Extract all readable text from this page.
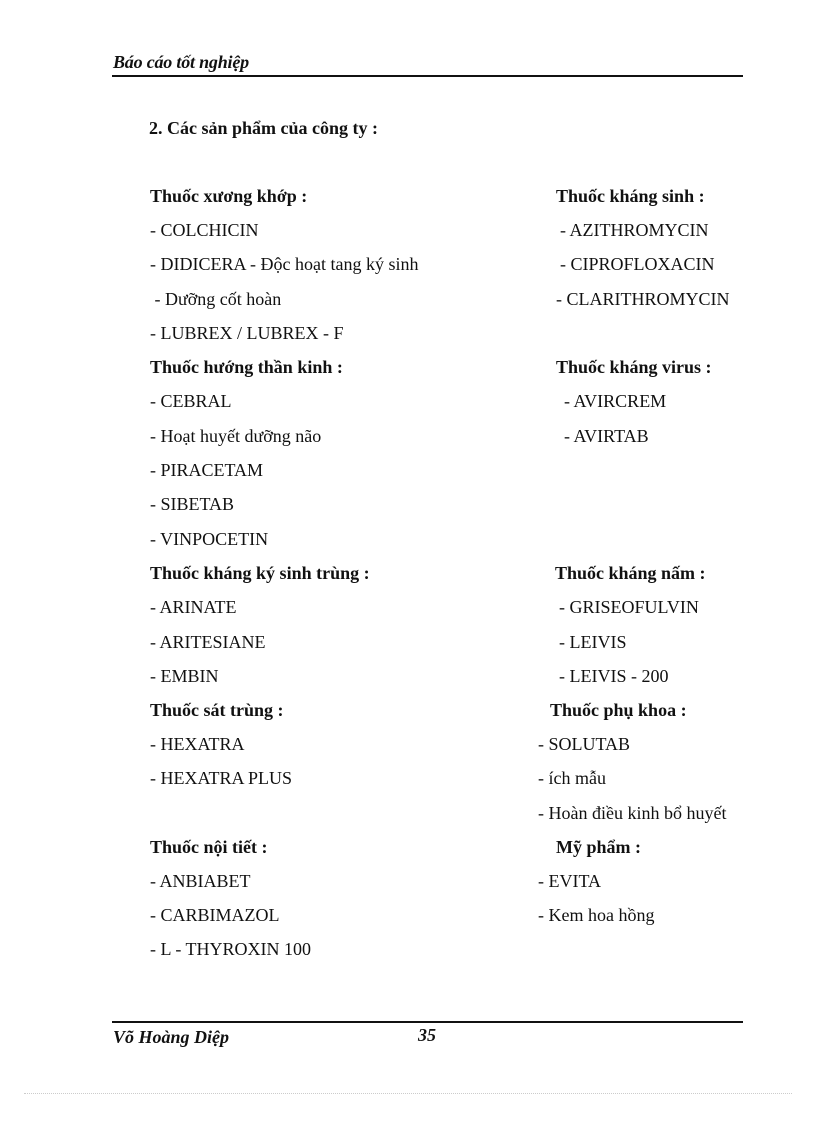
Báo cáo tốt nghiệp
2. Các sản phẩm của công ty :
Thuốc xương khớp :
- COLCHICIN
- DIDICERA - Độc hoạt tang ký sinh
- Dưỡng cốt hoàn
- LUBREX / LUBREX - F
Thuốc hướng thần kinh :
- CEBRAL
- Hoạt huyết dưỡng não
- PIRACETAM
- SIBETAB
- VINPOCETIN
Thuốc kháng ký sinh trùng :
- ARINATE
- ARITESIANE
- EMBIN
Thuốc sát trùng :
- HEXATRA
- HEXATRA PLUS
Thuốc nội tiết :
- ANBIABET
- CARBIMAZOL
- L - THYROXIN 100
Thuốc kháng sinh :
- AZITHROMYCIN
- CIPROFLOXACIN
- CLARITHROMYCIN
Thuốc kháng virus :
- AVIRCREM
- AVIRTAB
Thuốc kháng nấm :
- GRISEOFULVIN
- LEIVIS
- LEIVIS - 200
Thuốc phụ khoa :
- SOLUTAB
- ích mẫu
- Hoàn điều kinh bổ huyết
Mỹ phẩm :
- EVITA
- Kem hoa hồng
Võ Hoàng Diệp	35
